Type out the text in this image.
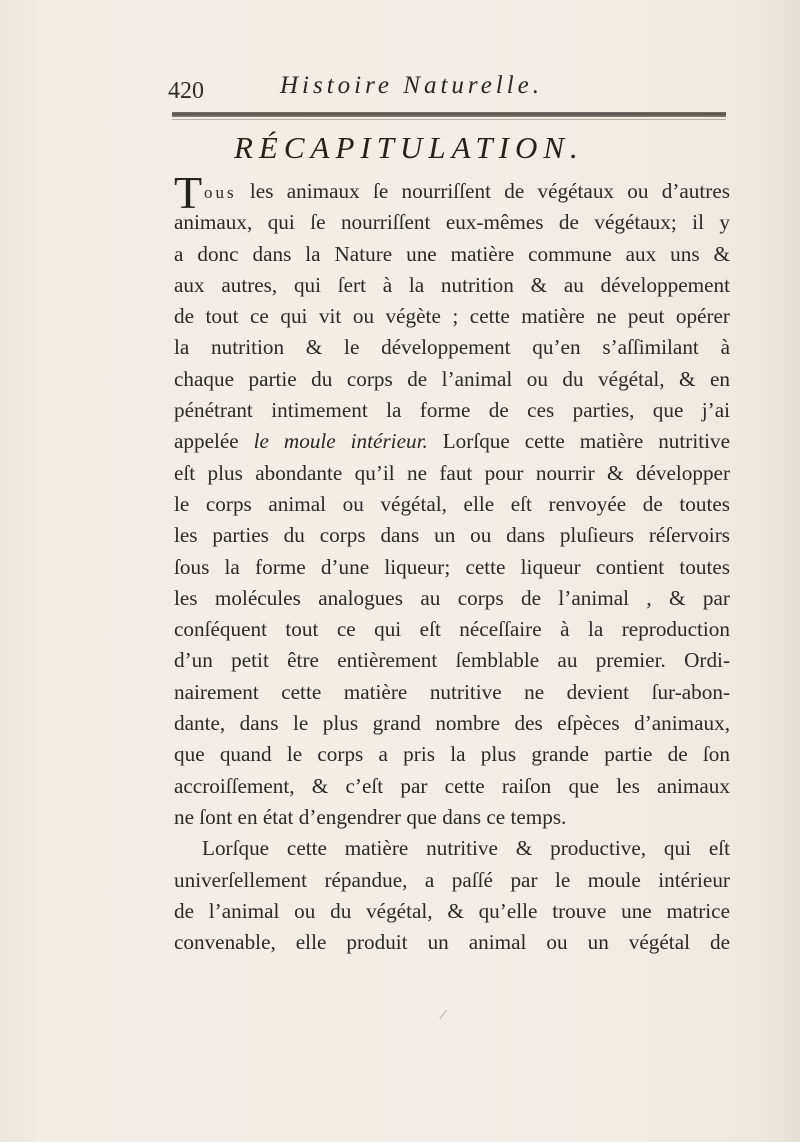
420	Histoire Naturelle.
RÉCAPITULATION.
T ous les animaux ſe nourriſſent de végétaux ou d’autres
animaux, qui ſe nourriſſent eux-mêmes de végétaux; il y
a donc dans la Nature une matière commune aux uns &
aux autres, qui ſert à la nutrition & au développement
de tout ce qui vit ou végète ; cette matière ne peut opérer
la nutrition & le développement qu’en s’aſſimilant à
chaque partie du corps de l’animal ou du végétal, & en
pénétrant intimement la forme de ces parties, que j’ai
appelée le moule intérieur. Lorſque cette matière nutritive
eſt plus abondante qu’il ne faut pour nourrir & développer
le corps animal ou végétal, elle eſt renvoyée de toutes
les parties du corps dans un ou dans pluſieurs réſervoirs
ſous la forme d’une liqueur; cette liqueur contient toutes
les molécules analogues au corps de l’animal , & par
conſéquent tout ce qui eſt néceſſaire à la reproduction
d’un petit être entièrement ſemblable au premier. Ordi-
nairement cette matière nutritive ne devient ſur-abon-
dante, dans le plus grand nombre des eſpèces d’animaux,
que quand le corps a pris la plus grande partie de ſon
accroiſſement, & c’eſt par cette raiſon que les animaux
ne ſont en état d’engendrer que dans ce temps.
Lorſque cette matière nutritive & productive, qui eſt
univerſellement répandue, a paſſé par le moule intérieur
de l’animal ou du végétal, & qu’elle trouve une matrice
convenable, elle produit un animal ou un végétal de
⁄
